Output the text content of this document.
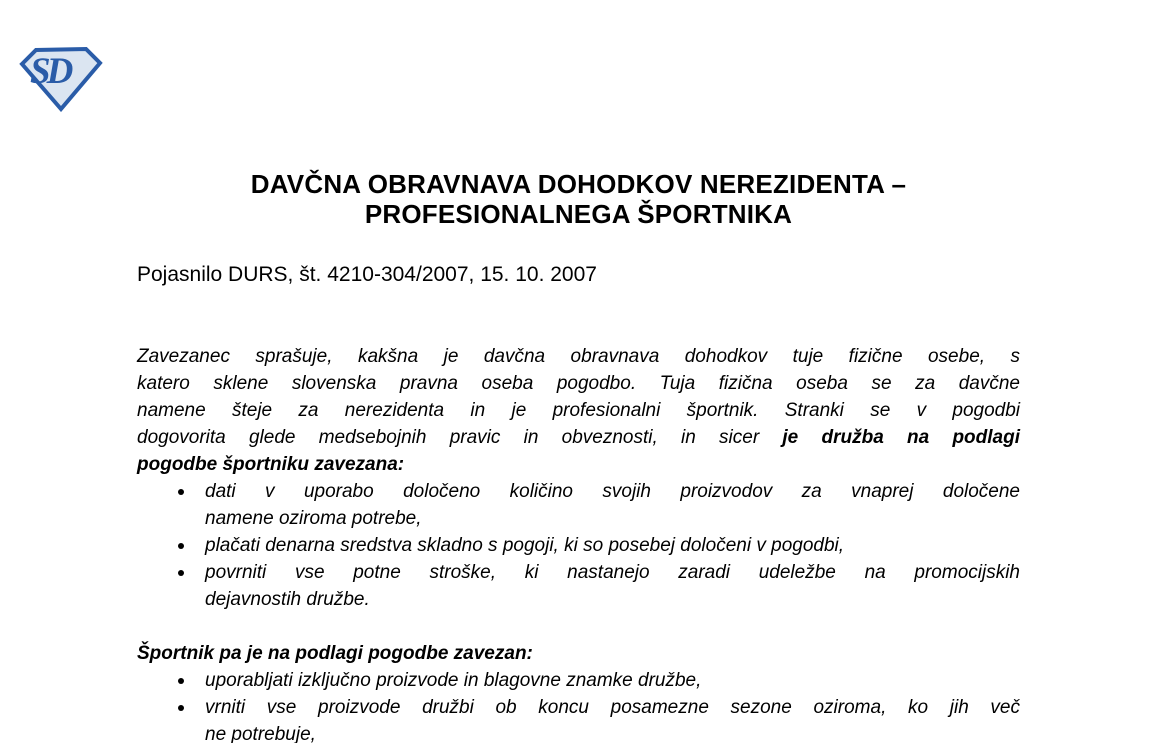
SD
DAVČNA OBRAVNAVA DOHODKOV NEREZIDENTA –
PROFESIONALNEGA ŠPORTNIKA
Pojasnilo DURS, št. 4210-304/2007, 15. 10. 2007
Zavezanec sprašuje, kakšna je davčna obravnava dohodkov tuje fizične osebe, s
katero sklene slovenska pravna oseba pogodbo. Tuja fizična oseba se za davčne
namene šteje za nerezidenta in je profesionalni športnik. Stranki se v pogodbi
dogovorita glede medsebojnih pravic in obveznosti, in sicer je družba na podlagi
pogodbe športniku zavezana:
dati v uporabo določeno količino svojih proizvodov za vnaprej določene
namene oziroma potrebe,
plačati denarna sredstva skladno s pogoji, ki so posebej določeni v pogodbi,
povrniti vse potne stroške, ki nastanejo zaradi udeležbe na promocijskih
dejavnostih družbe.
Športnik pa je na podlagi pogodbe zavezan:
uporabljati izključno proizvode in blagovne znamke družbe,
vrniti vse proizvode družbi ob koncu posamezne sezone oziroma, ko jih več
ne potrebuje,
